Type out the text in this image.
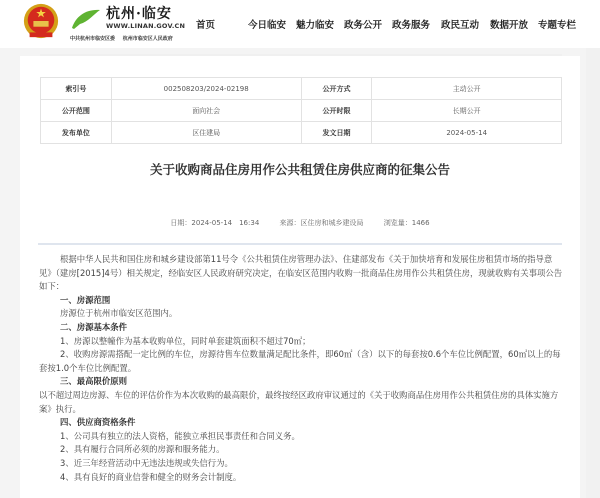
杭州·临安
WWW.LINAN.GOV.CN
中共杭州市临安区委 杭州市临安区人民政府
首页	今日临安	魅力临安	政务公开	政务服务	政民互动	数据开放	专题专栏
索引号	002508203/2024-02198	公开方式	主动公开
公开范围	面向社会	公开时限	长期公开
发布单位	区住建局	发文日期	2024-05-14
关于收购商品住房用作公共租赁住房供应商的征集公告
日期：2024-05-14　16:34	来源：区住房和城乡建设局	浏览量：1466

根据中华人民共和国住房和城乡建设部第11号令《公共租赁住房管理办法》、住建部发布《关于加快培育和发展住房租赁市场的指导意见》（建房[2015]4号）相关规定，经临安区人民政府研究决定，在临安区范围内收购一批商品住房用作公共租赁住房，现就收购有关事项公告如下：

一、房源范围

房源位于杭州市临安区范围内。

二、房源基本条件

1、房源以整幢作为基本收购单位，同时单套建筑面积不超过70㎡；

2、收购房源需搭配一定比例的车位，房源待售车位数量满足配比条件，即60㎡（含）以下的每套按0.6个车位比例配置，60㎡以上的每套按1.0个车位比例配置。

三、最高限价原则

以不超过周边房源、车位的评估价作为本次收购的最高限价，最终按经区政府审议通过的《关于收购商品住房用作公共租赁住房的具体实施方案》执行。

四、供应商资格条件

1、公司具有独立的法人资格，能独立承担民事责任和合同义务。

2、具有履行合同所必须的房源和服务能力。

3、近三年经营活动中无违法违规或失信行为。

4、具有良好的商业信誉和健全的财务会计制度。
